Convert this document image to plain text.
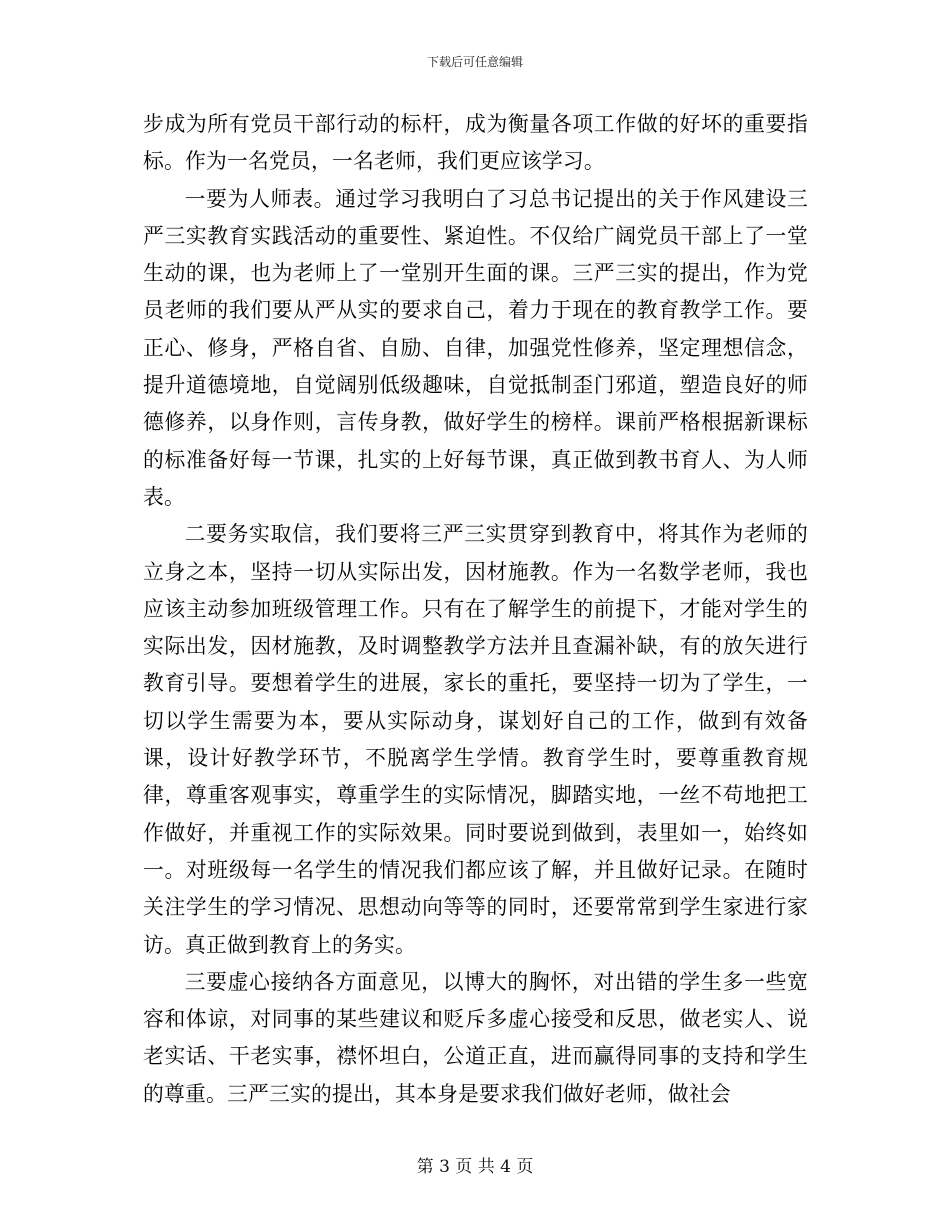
下载后可任意编辑

步成为所有党员干部行动的标杆，成为衡量各项工作做的好坏的重要指标。作为一名党员，一名老师，我们更应该学习。

一要为人师表。通过学习我明白了习总书记提出的关于作风建设三严三实教育实践活动的重要性、紧迫性。不仅给广阔党员干部上了一堂生动的课，也为老师上了一堂别开生面的课。三严三实的提出，作为党员老师的我们要从严从实的要求自己，着力于现在的教育教学工作。要正心、修身，严格自省、自励、自律，加强党性修养，坚定理想信念，提升道德境地，自觉阔别低级趣味，自觉抵制歪门邪道，塑造良好的师德修养，以身作则，言传身教，做好学生的榜样。课前严格根据新课标的标准备好每一节课，扎实的上好每节课，真正做到教书育人、为人师表。

二要务实取信，我们要将三严三实贯穿到教育中，将其作为老师的立身之本，坚持一切从实际出发，因材施教。作为一名数学老师，我也应该主动参加班级管理工作。只有在了解学生的前提下，才能对学生的实际出发，因材施教，及时调整教学方法并且查漏补缺，有的放矢进行教育引导。要想着学生的进展，家长的重托，要坚持一切为了学生，一切以学生需要为本，要从实际动身，谋划好自己的工作，做到有效备课，设计好教学环节，不脱离学生学情。教育学生时，要尊重教育规律，尊重客观事实，尊重学生的实际情况，脚踏实地，一丝不苟地把工作做好，并重视工作的实际效果。同时要说到做到，表里如一，始终如一。对班级每一名学生的情况我们都应该了解，并且做好记录。在随时关注学生的学习情况、思想动向等等的同时，还要常常到学生家进行家访。真正做到教育上的务实。

三要虚心接纳各方面意见，以博大的胸怀，对出错的学生多一些宽容和体谅，对同事的某些建议和贬斥多虚心接受和反思，做老实人、说老实话、干老实事，襟怀坦白，公道正直，进而赢得同事的支持和学生的尊重。三严三实的提出，其本身是要求我们做好老师，做社会

第 3 页 共 4 页
